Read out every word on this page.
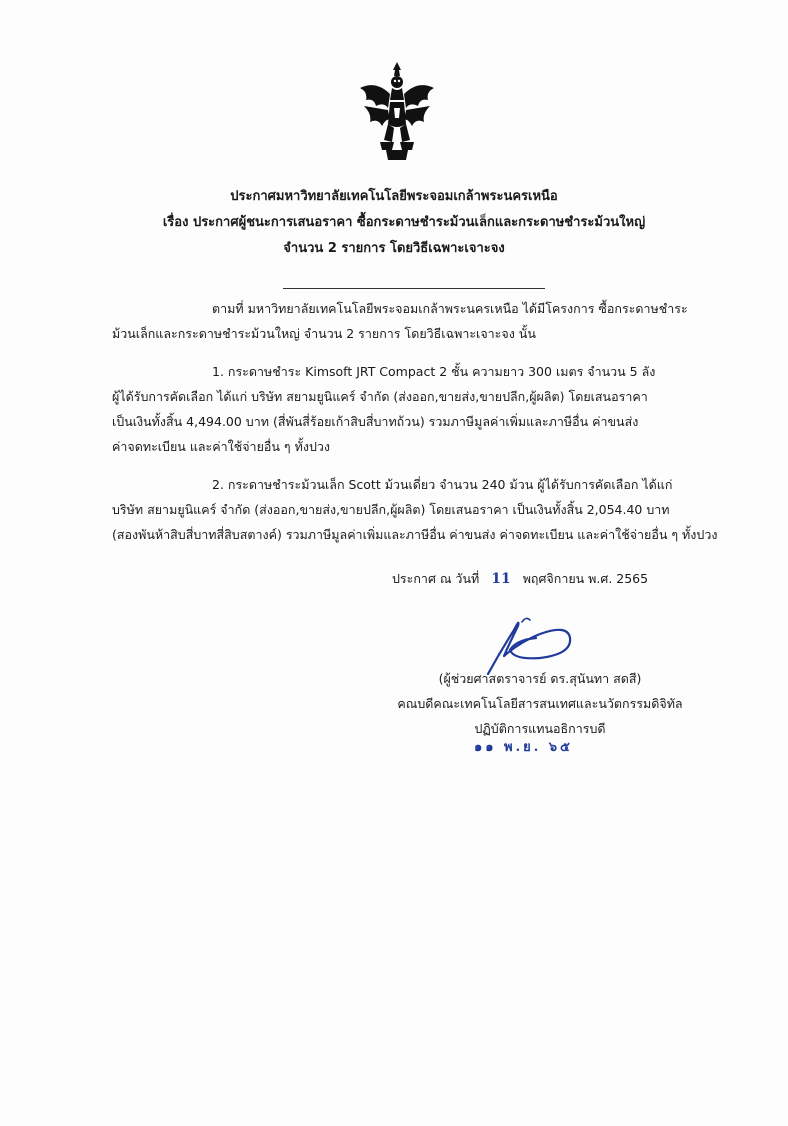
ประกาศมหาวิทยาลัยเทคโนโลยีพระจอมเกล้าพระนครเหนือ
เรื่อง ประกาศผู้ชนะการเสนอราคา ซื้อกระดาษชำระม้วนเล็กและกระดาษชำระม้วนใหญ่
จำนวน 2 รายการ โดยวิธีเฉพาะเจาะจง
ตามที่ มหาวิทยาลัยเทคโนโลยีพระจอมเกล้าพระนครเหนือ ได้มีโครงการ ซื้อกระดาษชำระ
ม้วนเล็กและกระดาษชำระม้วนใหญ่ จำนวน 2 รายการ โดยวิธีเฉพาะเจาะจง นั้น
1. กระดาษชำระ Kimsoft JRT Compact 2 ชั้น ความยาว 300 เมตร จำนวน 5 ลัง
ผู้ได้รับการคัดเลือก ได้แก่ บริษัท สยามยูนิแคร์ จำกัด (ส่งออก,ขายส่ง,ขายปลีก,ผู้ผลิต) โดยเสนอราคา
เป็นเงินทั้งสิ้น 4,494.00 บาท (สี่พันสี่ร้อยเก้าสิบสี่บาทถ้วน) รวมภาษีมูลค่าเพิ่มและภาษีอื่น ค่าขนส่ง
ค่าจดทะเบียน และค่าใช้จ่ายอื่น ๆ ทั้งปวง
2. กระดาษชำระม้วนเล็ก Scott ม้วนเดี่ยว จำนวน 240 ม้วน ผู้ได้รับการคัดเลือก ได้แก่
บริษัท สยามยูนิแคร์ จำกัด (ส่งออก,ขายส่ง,ขายปลีก,ผู้ผลิต) โดยเสนอราคา เป็นเงินทั้งสิ้น 2,054.40 บาท
(สองพันห้าสิบสี่บาทสี่สิบสตางค์) รวมภาษีมูลค่าเพิ่มและภาษีอื่น ค่าขนส่ง ค่าจดทะเบียน และค่าใช้จ่ายอื่น ๆ ทั้งปวง
ประกาศ ณ วันที่ 11 พฤศจิกายน พ.ศ. 2565
(ผู้ช่วยศาสตราจารย์ ดร.สุนันทา สดสี)
คณบดีคณะเทคโนโลยีสารสนเทศและนวัตกรรมดิจิทัล
ปฏิบัติการแทนอธิการบดี
๑๑ พ.ย. ๖๕
